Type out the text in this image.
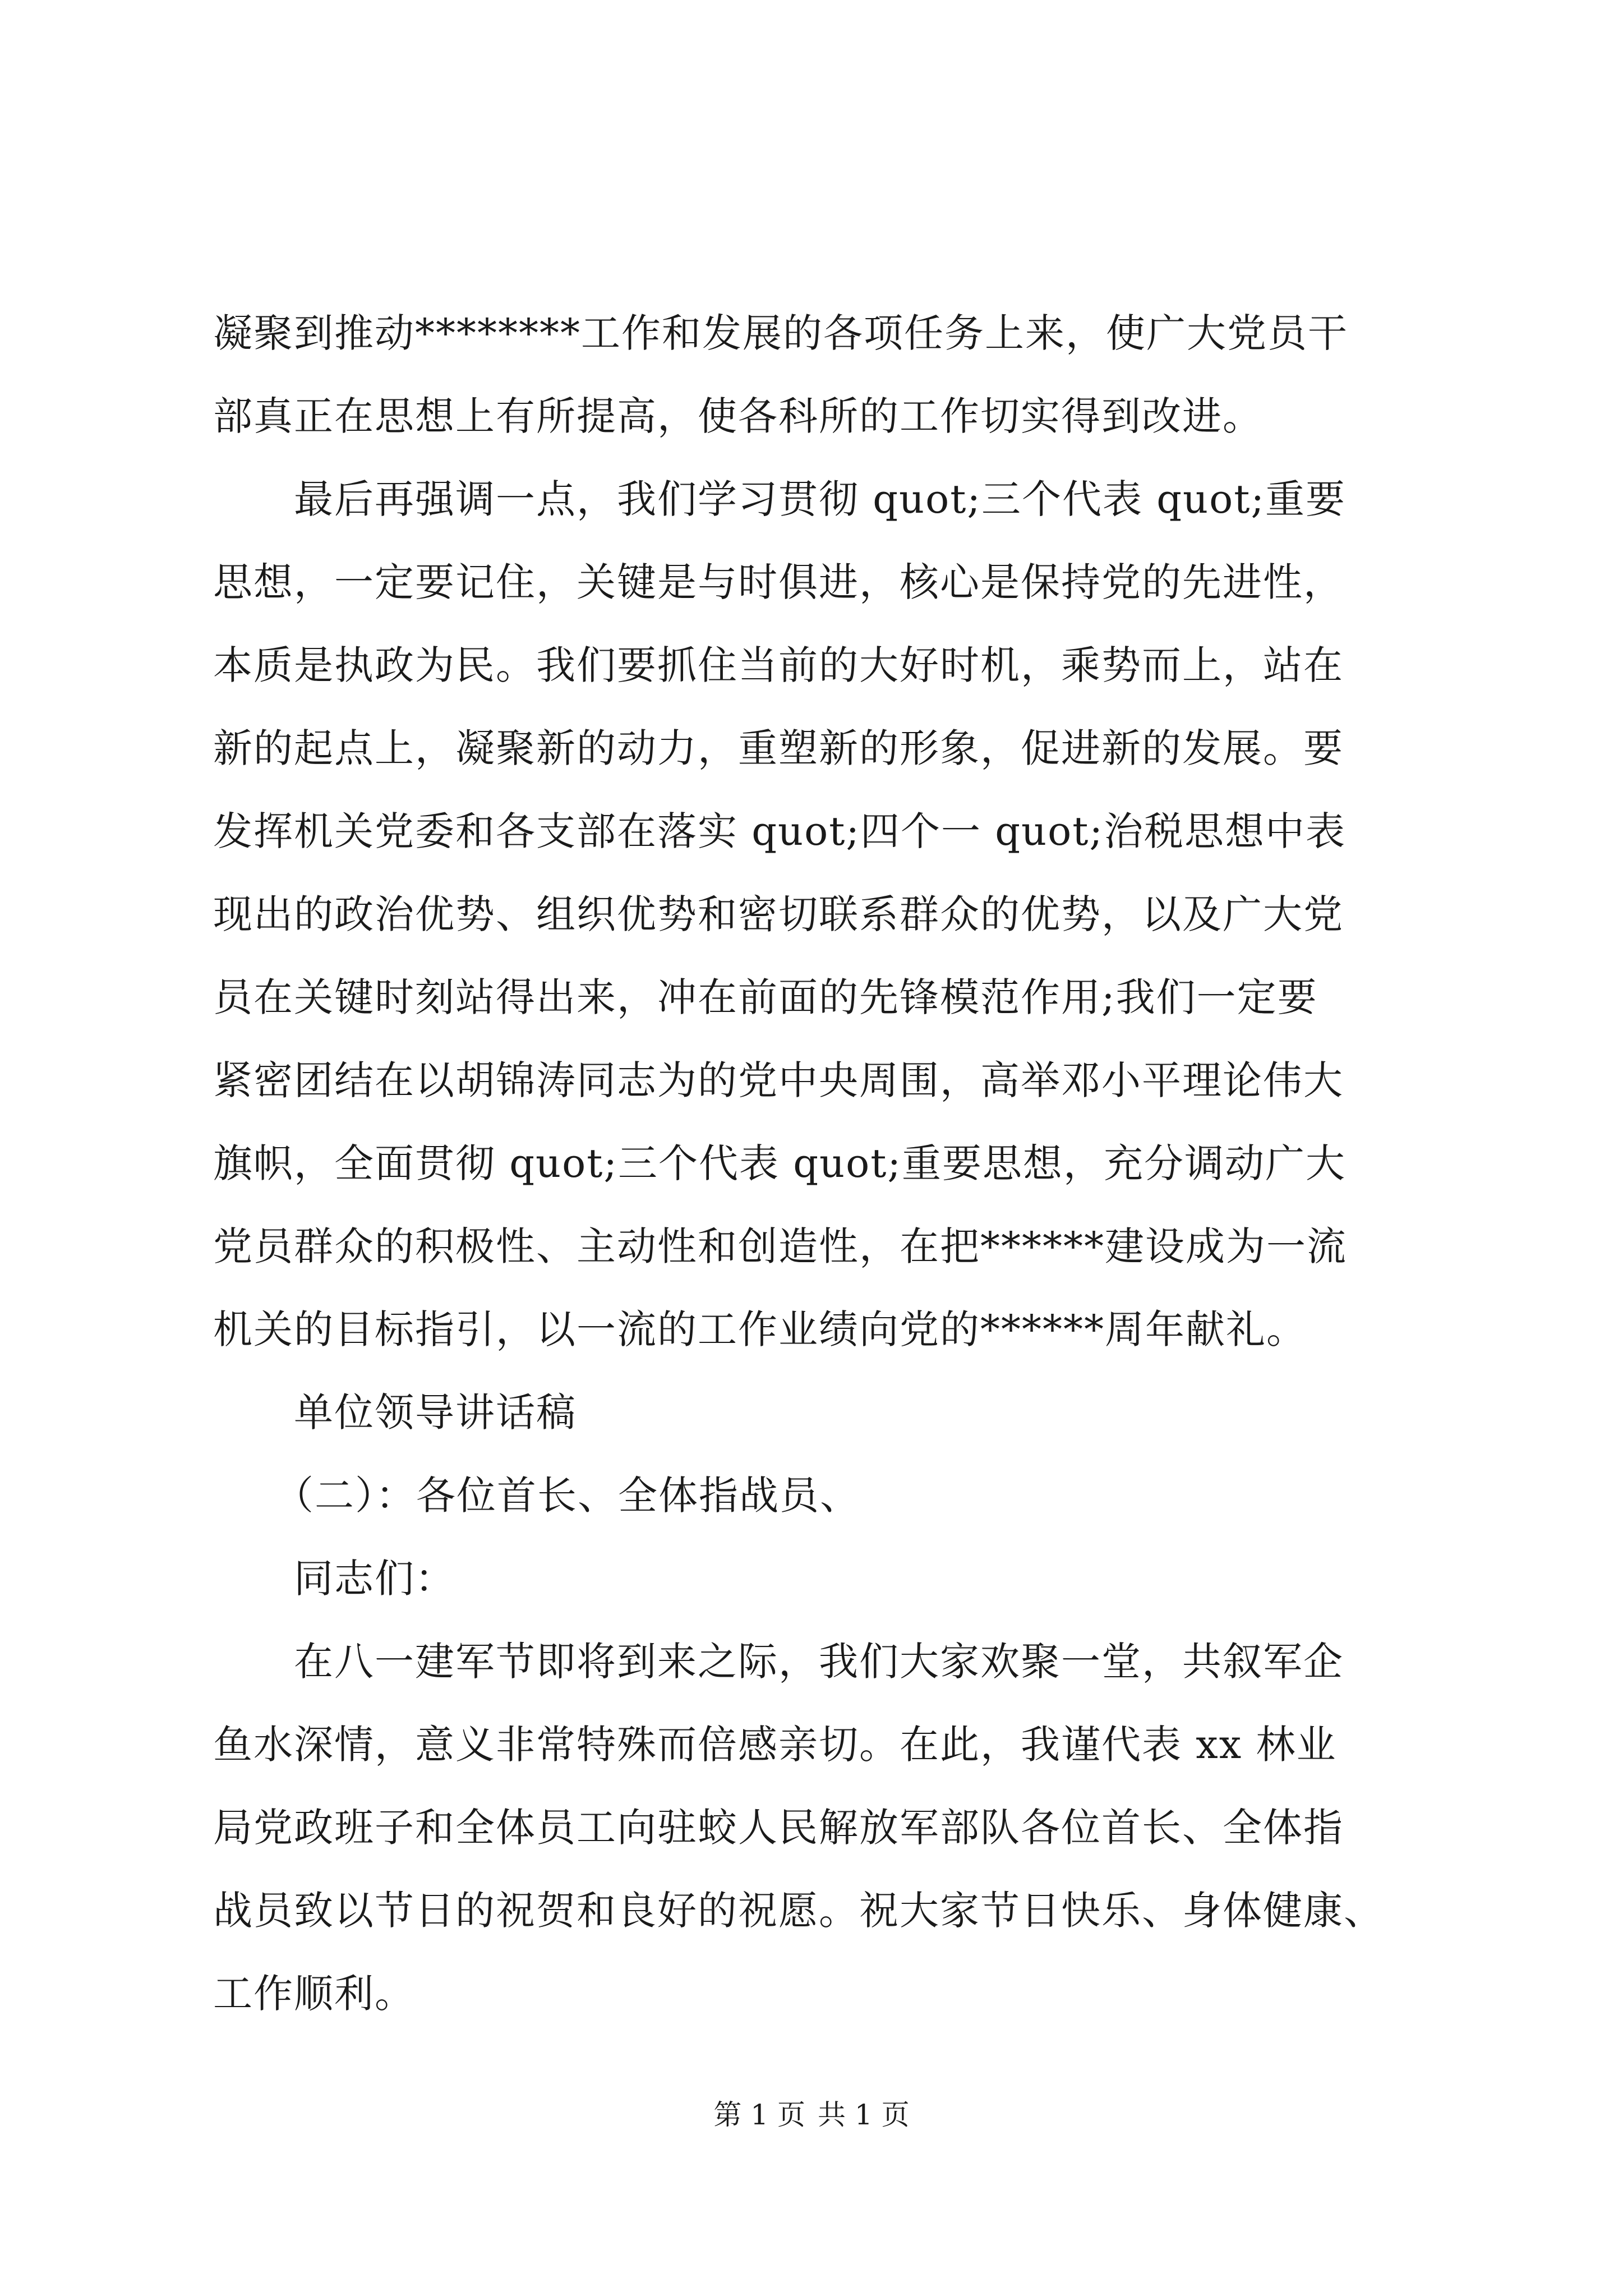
凝聚到推动********工作和发展的各项任务上来，使广大党员干
部真正在思想上有所提高，使各科所的工作切实得到改进。
　　最后再强调一点，我们学习贯彻 quot;三个代表 quot;重要
思想，一定要记住，关键是与时俱进，核心是保持党的先进性，
本质是执政为民。我们要抓住当前的大好时机，乘势而上，站在
新的起点上，凝聚新的动力，重塑新的形象，促进新的发展。要
发挥机关党委和各支部在落实 quot;四个一 quot;治税思想中表
现出的政治优势、组织优势和密切联系群众的优势，以及广大党
员在关键时刻站得出来，冲在前面的先锋模范作用;我们一定要
紧密团结在以胡锦涛同志为的党中央周围，高举邓小平理论伟大
旗帜，全面贯彻 quot;三个代表 quot;重要思想，充分调动广大
党员群众的积极性、主动性和创造性，在把******建设成为一流
机关的目标指引，以一流的工作业绩向党的******周年献礼。
　　单位领导讲话稿
　　（二）：各位首长、全体指战员、
　　同志们：
　　在八一建军节即将到来之际，我们大家欢聚一堂，共叙军企
鱼水深情，意义非常特殊而倍感亲切。在此，我谨代表 xx 林业
局党政班子和全体员工向驻蛟人民解放军部队各位首长、全体指
战员致以节日的祝贺和良好的祝愿。祝大家节日快乐、身体健康、
工作顺利。
第 1 页 共 1 页
